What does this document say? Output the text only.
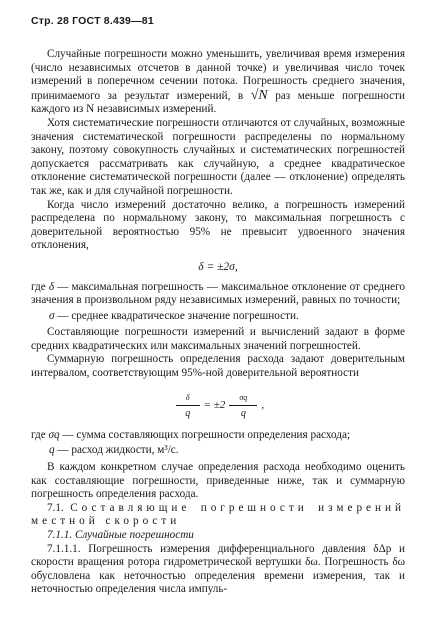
Стр. 28 ГОСТ 8.439—81

Случайные погрешности можно уменьшить, увеличивая время измерения (число независимых отсчетов в данной точке) и увеличивая число точек измерений в поперечном сечении потока. Погрешность среднего значения, принимаемого за результат измерений, в √N раз меньше погрешности каждого из N независимых измерений.

Хотя систематические погрешности отличаются от случайных, возможные значения систематической погрешности распределены по нормальному закону, поэтому совокупность случайных и систематических погрешностей допускается рассматривать как случайную, а среднее квадратическое отклонение систематической погрешности (далее — отклонение) определять так же, как и для случайной погрешности.

Когда число измерений достаточно велико, а погрешность измерений распределена по нормальному закону, то максимальная погрешность с доверительной вероятностью 95% не превысит удвоенного значения отклонения,

δ = ±2σ,
где δ — максимальная погрешность — максимальное отклонение от среднего значения в произвольном ряду независимых измерений, равных по точности;
σ — среднее квадратическое значение погрешности.

Составляющие погрешности измерений и вычислений задают в форме средних квадратических или максимальных значений погрешностей.

Суммарную погрешность определения расхода задают доверительным интервалом, соответствующим 95%-ной доверительной вероятности

$\frac{\delta}{q} = \pm 2 \frac{\sigma q}{q}$ ,
где σq — сумма составляющих погрешности определения расхода;
q — расход жидкости, м³/с.

В каждом конкретном случае определения расхода необходимо оценить как составляющие погрешности, приведенные ниже, так и суммарную погрешность определения расхода.

7.1. Составляющие погрешности измерений местной скорости

7.1.1. Случайные погрешности

7.1.1.1. Погрешность измерения дифференциального давления δΔp и скорости вращения ротора гидрометрической вертушки δω. Погрешность δω обусловлена как неточностью определения времени измерения, так и неточностью определения числа импуль-
